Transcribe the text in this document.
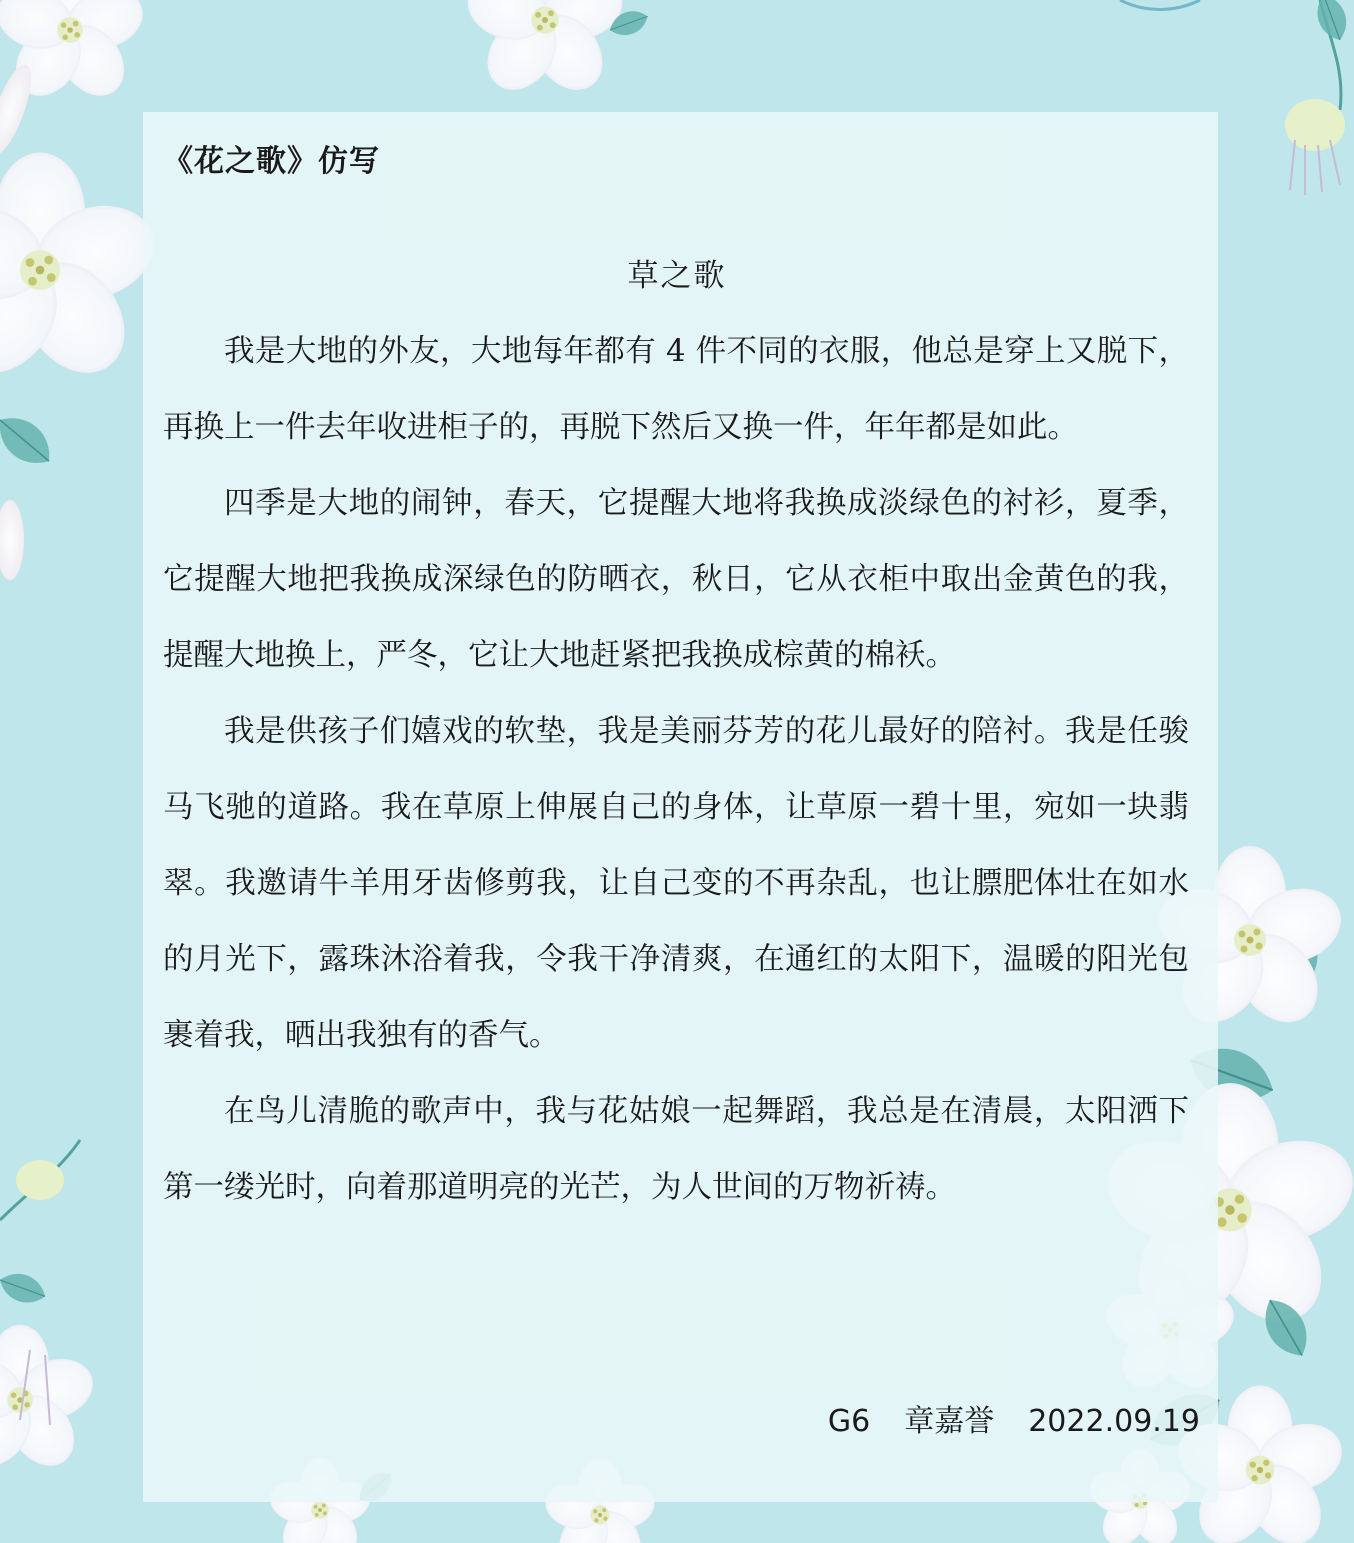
《花之歌》仿写
草之歌

我是大地的外友，大地每年都有 4 件不同的衣服，他总是穿上又脱下，再换上一件去年收进柜子的，再脱下然后又换一件，年年都是如此。

四季是大地的闹钟，春天，它提醒大地将我换成淡绿色的衬衫，夏季，它提醒大地把我换成深绿色的防晒衣，秋日，它从衣柜中取出金黄色的我，提醒大地换上，严冬，它让大地赶紧把我换成棕黄的棉袄。

我是供孩子们嬉戏的软垫，我是美丽芬芳的花儿最好的陪衬。我是任骏马飞驰的道路。我在草原上伸展自己的身体，让草原一碧十里，宛如一块翡翠。我邀请牛羊用牙齿修剪我，让自己变的不再杂乱，也让膘肥体壮在如水的月光下，露珠沐浴着我，令我干净清爽，在通红的太阳下，温暖的阳光包裹着我，晒出我独有的香气。

在鸟儿清脆的歌声中，我与花姑娘一起舞蹈，我总是在清晨，太阳洒下第一缕光时，向着那道明亮的光芒，为人世间的万物祈祷。

G6 章嘉誉 2022.09.19
